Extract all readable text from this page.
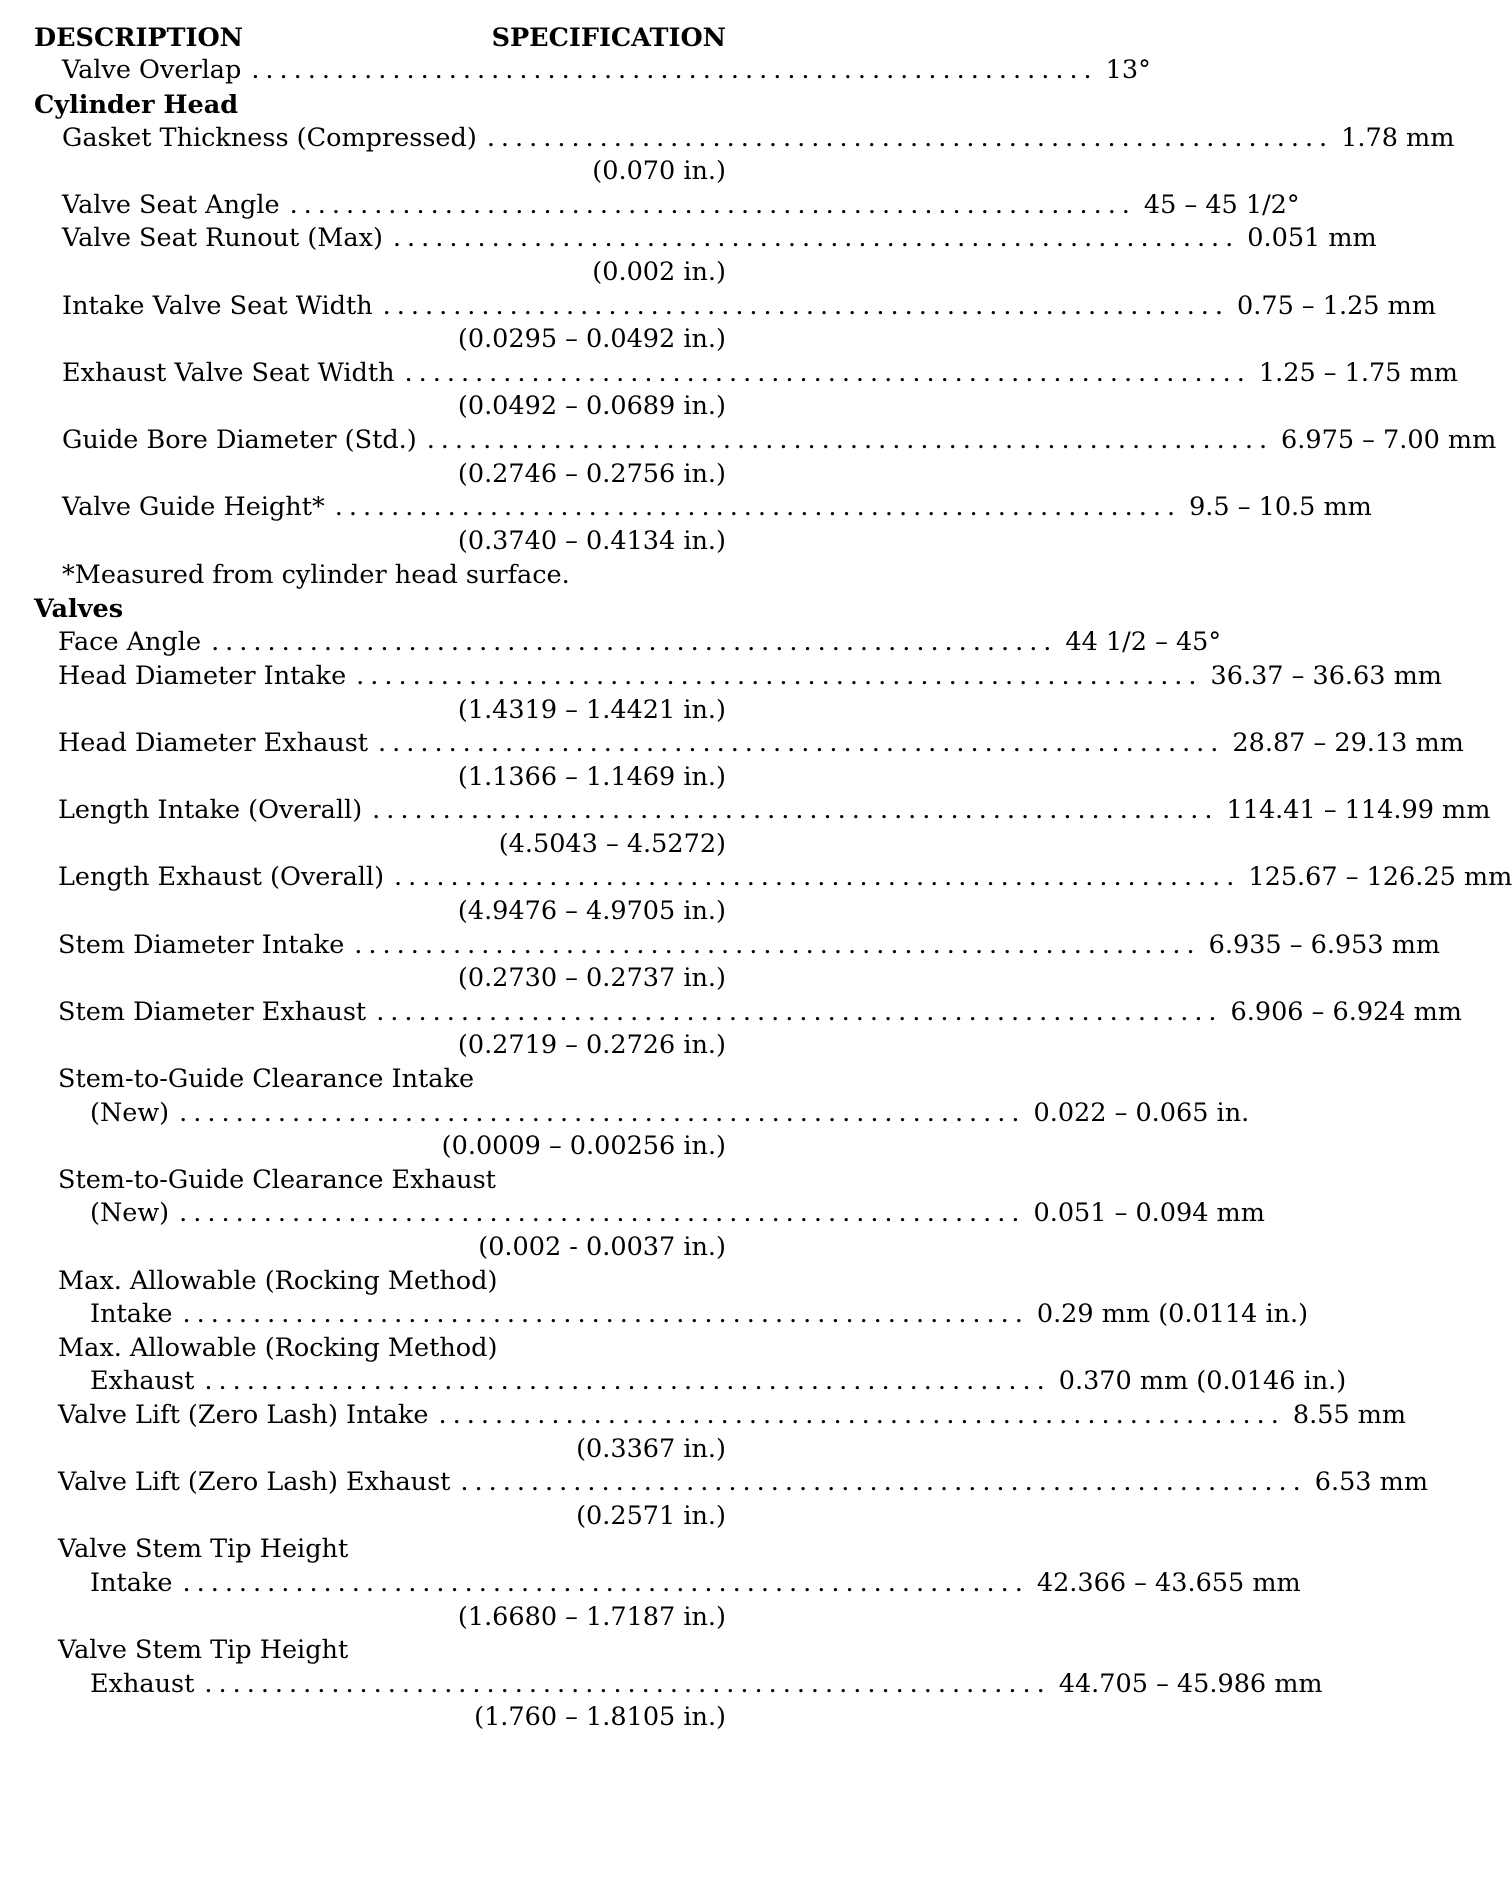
DESCRIPTION	SPECIFICATION
Valve Overlap ............................................................ 13°
Cylinder Head
Gasket Thickness (Compressed) ............................................................ 1.78 mm
(0.070 in.)
Valve Seat Angle ............................................................ 45 – 45 1/2°
Valve Seat Runout (Max) ............................................................ 0.051 mm
(0.002 in.)
Intake Valve Seat Width ............................................................ 0.75 – 1.25 mm
(0.0295 – 0.0492 in.)
Exhaust Valve Seat Width ............................................................ 1.25 – 1.75 mm
(0.0492 – 0.0689 in.)
Guide Bore Diameter (Std.) ............................................................ 6.975 – 7.00 mm
(0.2746 – 0.2756 in.)
Valve Guide Height* ............................................................ 9.5 – 10.5 mm
(0.3740 – 0.4134 in.)
*Measured from cylinder head surface.
Valves
Face Angle ............................................................ 44 1/2 – 45°
Head Diameter Intake ............................................................ 36.37 – 36.63 mm
(1.4319 – 1.4421 in.)
Head Diameter Exhaust ............................................................ 28.87 – 29.13 mm
(1.1366 – 1.1469 in.)
Length Intake (Overall) ............................................................ 114.41 – 114.99 mm
(4.5043 – 4.5272)
Length Exhaust (Overall) ............................................................ 125.67 – 126.25 mm
(4.9476 – 4.9705 in.)
Stem Diameter Intake ............................................................ 6.935 – 6.953 mm
(0.2730 – 0.2737 in.)
Stem Diameter Exhaust ............................................................ 6.906 – 6.924 mm
(0.2719 – 0.2726 in.)
Stem-to-Guide Clearance Intake
(New) ............................................................ 0.022 – 0.065 in.
(0.0009 – 0.00256 in.)
Stem-to-Guide Clearance Exhaust
(New) ............................................................ 0.051 – 0.094 mm
(0.002 - 0.0037 in.)
Max. Allowable (Rocking Method)
Intake ............................................................ 0.29 mm (0.0114 in.)
Max. Allowable (Rocking Method)
Exhaust ............................................................ 0.370 mm (0.0146 in.)
Valve Lift (Zero Lash) Intake ............................................................ 8.55 mm
(0.3367 in.)
Valve Lift (Zero Lash) Exhaust ............................................................ 6.53 mm
(0.2571 in.)
Valve Stem Tip Height
Intake ............................................................ 42.366 – 43.655 mm
(1.6680 – 1.7187 in.)
Valve Stem Tip Height
Exhaust ............................................................ 44.705 – 45.986 mm
(1.760 – 1.8105 in.)
